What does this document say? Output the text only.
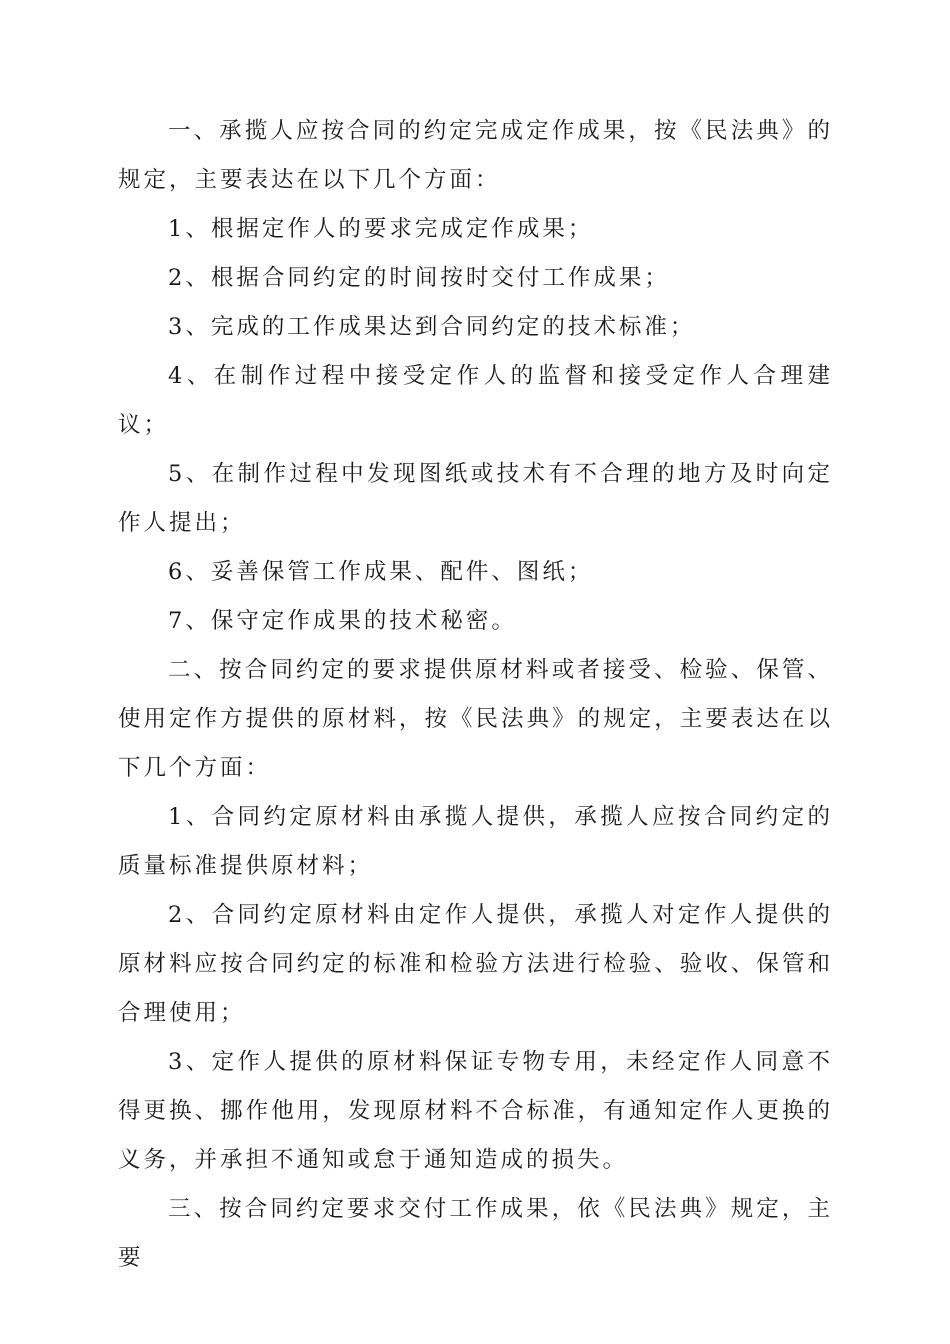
一、承揽人应按合同的约定完成定作成果，按《民法典》的规定，主要表达在以下几个方面：

1、根据定作人的要求完成定作成果；

2、根据合同约定的时间按时交付工作成果；

3、完成的工作成果达到合同约定的技术标准；

4、在制作过程中接受定作人的监督和接受定作人合理建议；

5、在制作过程中发现图纸或技术有不合理的地方及时向定作人提出；

6、妥善保管工作成果、配件、图纸；

7、保守定作成果的技术秘密。

二、按合同约定的要求提供原材料或者接受、检验、保管、使用定作方提供的原材料，按《民法典》的规定，主要表达在以下几个方面：

1、合同约定原材料由承揽人提供，承揽人应按合同约定的质量标准提供原材料；

2、合同约定原材料由定作人提供，承揽人对定作人提供的原材料应按合同约定的标准和检验方法进行检验、验收、保管和合理使用；

3、定作人提供的原材料保证专物专用，未经定作人同意不得更换、挪作他用，发现原材料不合标准，有通知定作人更换的义务，并承担不通知或怠于通知造成的损失。

三、按合同约定要求交付工作成果，依《民法典》规定，主要
